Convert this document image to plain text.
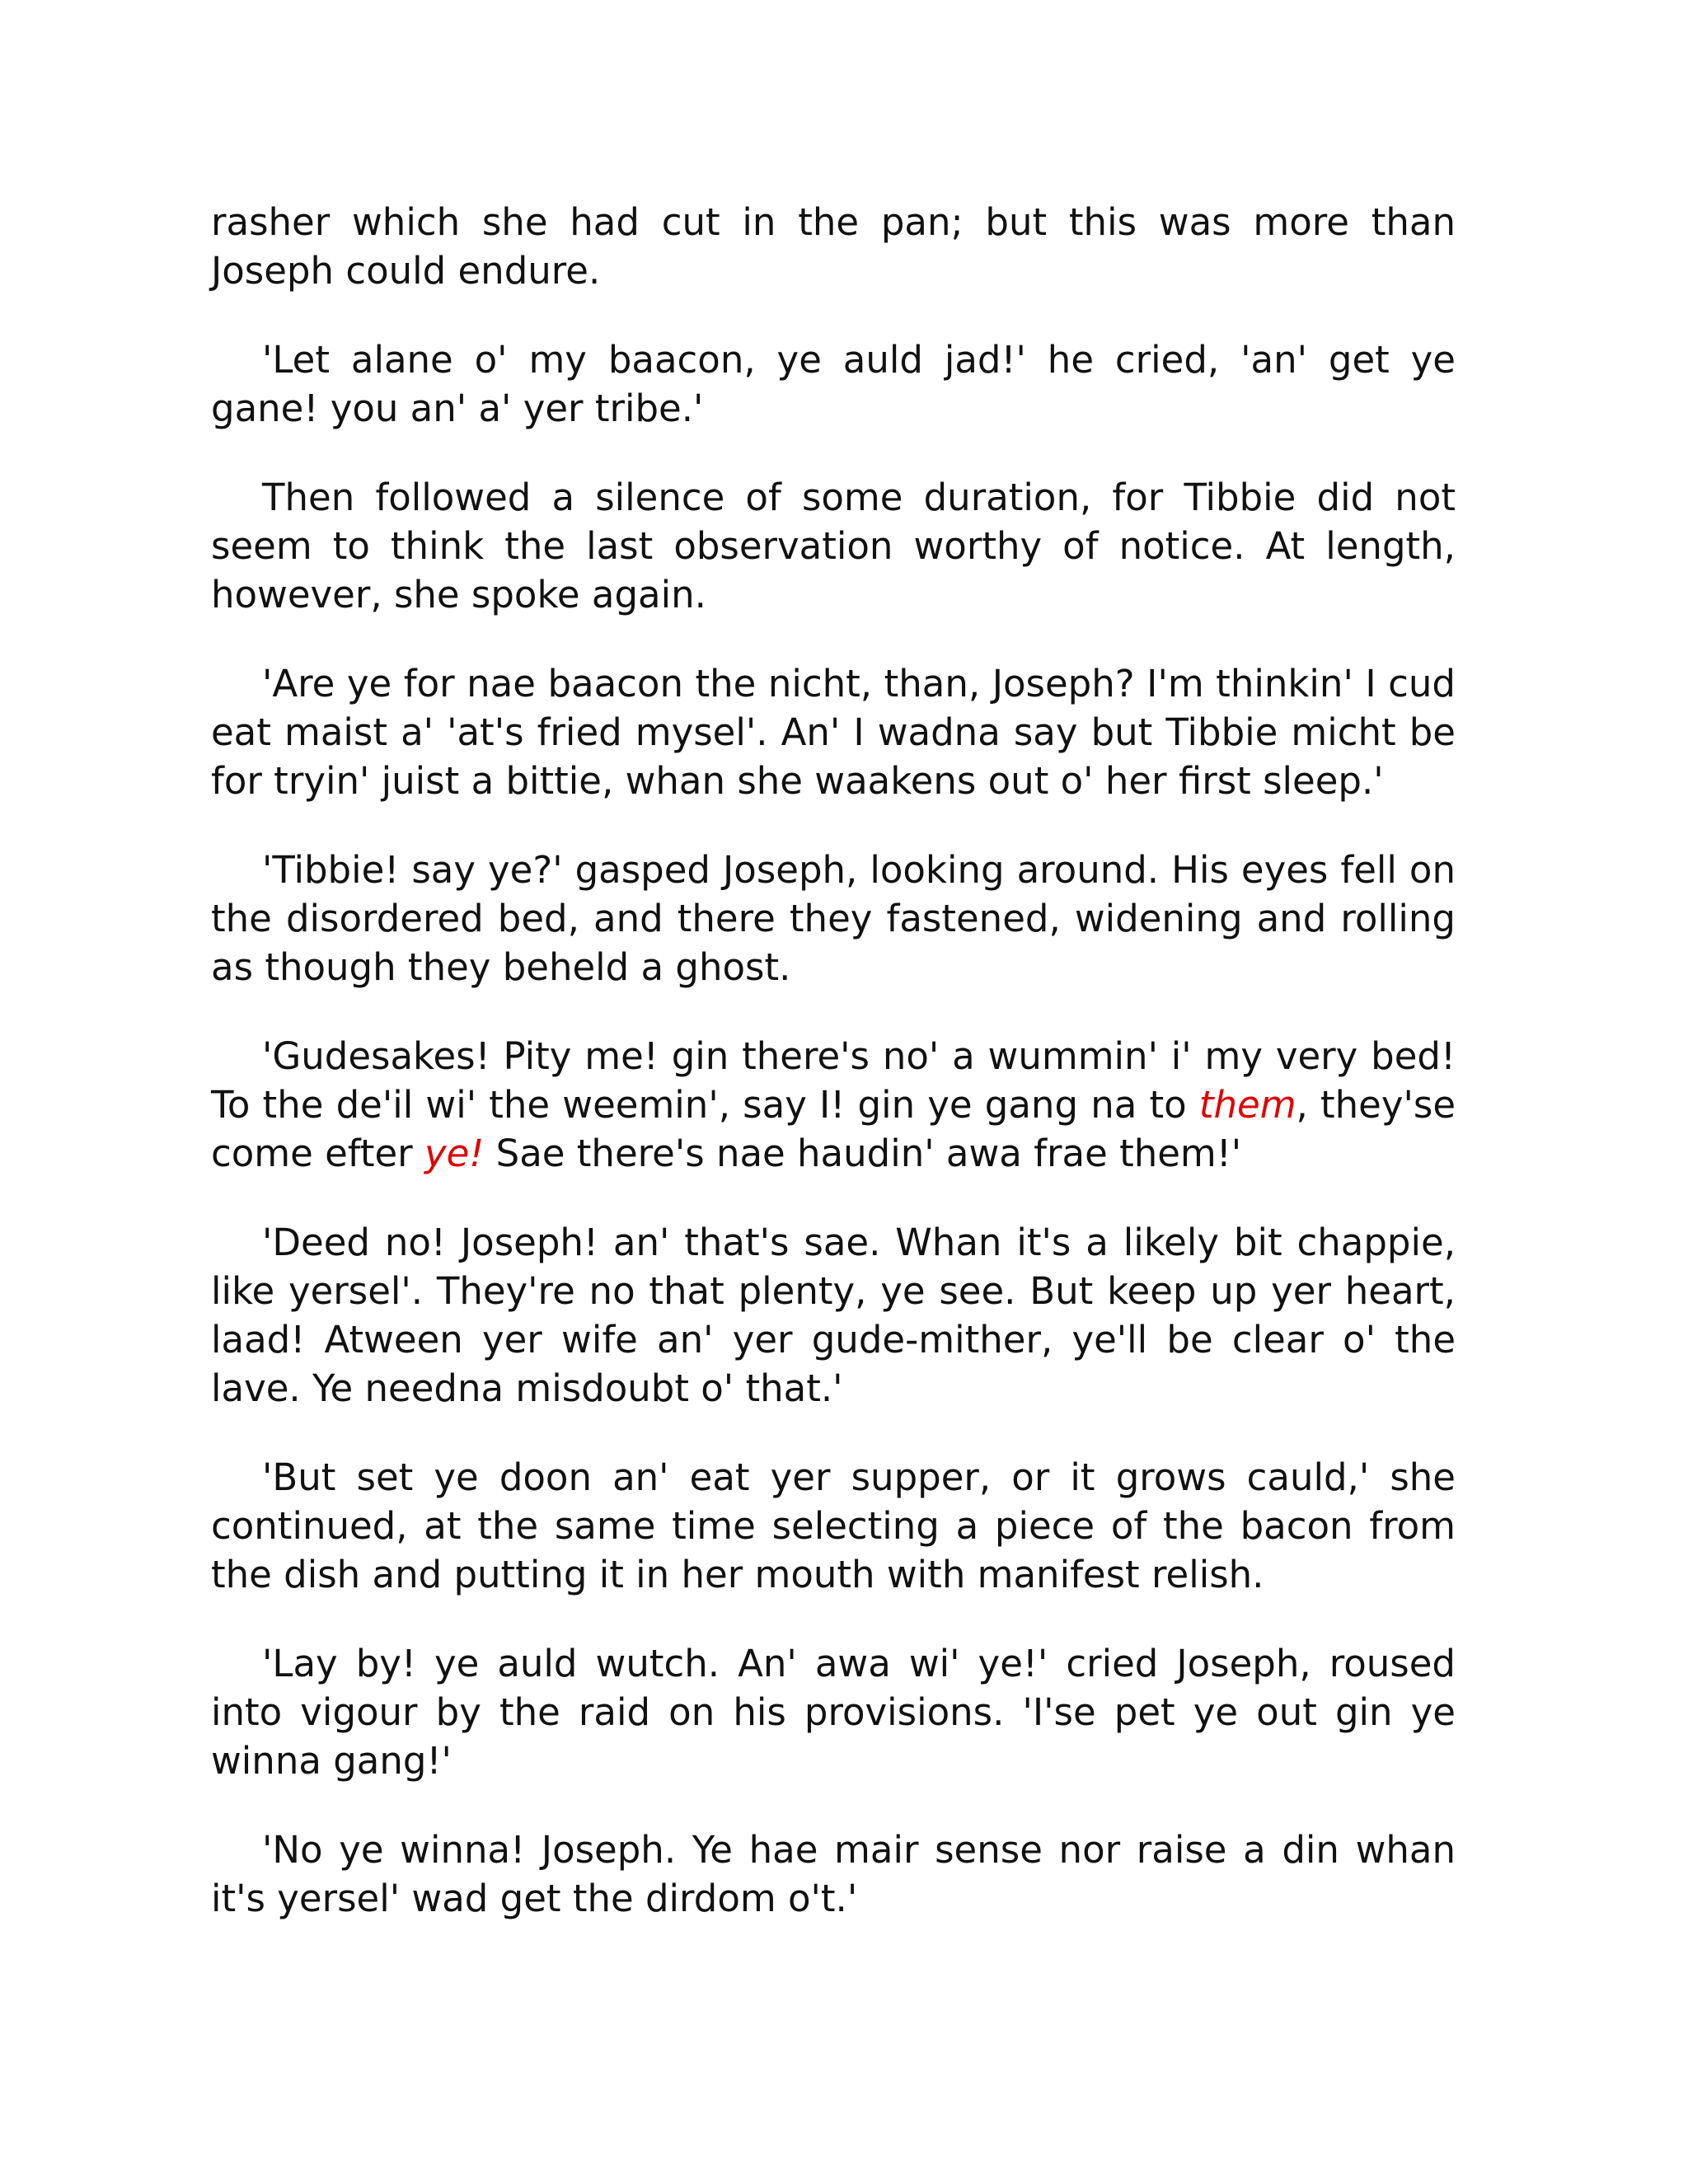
rasher which she had cut in the pan; but this was more than Joseph could endure.

'Let alane o' my baacon, ye auld jad!' he cried, 'an' get ye gane! you an' a' yer tribe.'

Then followed a silence of some duration, for Tibbie did not seem to think the last observation worthy of notice. At length, however, she spoke again.

'Are ye for nae baacon the nicht, than, Joseph? I'm thinkin' I cud eat maist a' 'at's fried mysel'. An' I wadna say but Tibbie micht be for tryin' juist a bittie, whan she waakens out o' her first sleep.'

'Tibbie! say ye?' gasped Joseph, looking around. His eyes fell on the disordered bed, and there they fastened, widening and rolling as though they beheld a ghost.

'Gudesakes! Pity me! gin there's no' a wummin' i' my very bed! To the de'il wi' the weemin', say I! gin ye gang na to them, they'se come efter ye! Sae there's nae haudin' awa frae them!'

'Deed no! Joseph! an' that's sae. Whan it's a likely bit chappie, like yersel'. They're no that plenty, ye see. But keep up yer heart, laad! Atween yer wife an' yer gude-mither, ye'll be clear o' the lave. Ye needna misdoubt o' that.'

'But set ye doon an' eat yer supper, or it grows cauld,' she continued, at the same time selecting a piece of the bacon from the dish and putting it in her mouth with manifest relish.

'Lay by! ye auld wutch. An' awa wi' ye!' cried Joseph, roused into vigour by the raid on his provisions. 'I'se pet ye out gin ye winna gang!'

'No ye winna! Joseph. Ye hae mair sense nor raise a din whan it's yersel' wad get the dirdom o't.'
